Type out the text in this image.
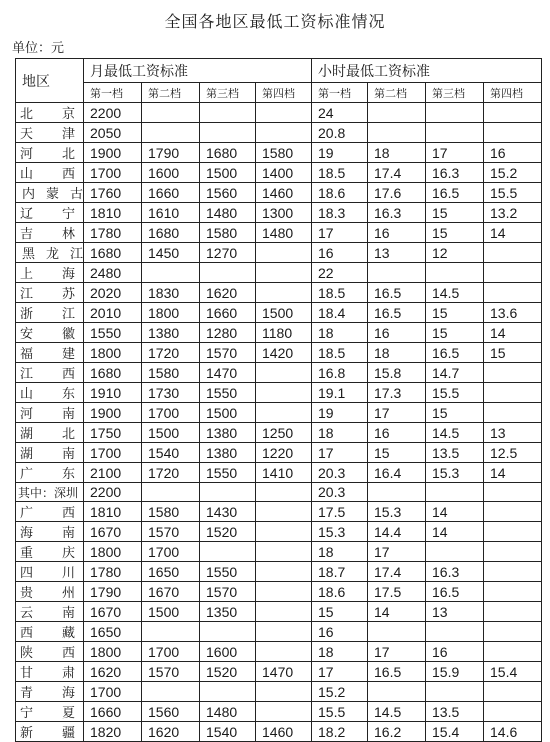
全国各地区最低工资标准情况
单位：元
地区	月最低工资标准				小时最低工资标准			
	第一档	第二档	第三档	第四档	第一档	第二档	第三档	第四档
北京	2200				24			
天津	2050				20.8			
河北	1900	1790	1680	1580	19	18	17	16
山西	1700	1600	1500	1400	18.5	17.4	16.3	15.2
内蒙古	1760	1660	1560	1460	18.6	17.6	16.5	15.5
辽宁	1810	1610	1480	1300	18.3	16.3	15	13.2
吉林	1780	1680	1580	1480	17	16	15	14
黑龙江	1680	1450	1270		16	13	12	
上海	2480				22			
江苏	2020	1830	1620		18.5	16.5	14.5	
浙江	2010	1800	1660	1500	18.4	16.5	15	13.6
安徽	1550	1380	1280	1180	18	16	15	14
福建	1800	1720	1570	1420	18.5	18	16.5	15
江西	1680	1580	1470		16.8	15.8	14.7	
山东	1910	1730	1550		19.1	17.3	15.5	
河南	1900	1700	1500		19	17	15	
湖北	1750	1500	1380	1250	18	16	14.5	13
湖南	1700	1540	1380	1220	17	15	13.5	12.5
广东	2100	1720	1550	1410	20.3	16.4	15.3	14
其中：深圳	2200				20.3			
广西	1810	1580	1430		17.5	15.3	14	
海南	1670	1570	1520		15.3	14.4	14	
重庆	1800	1700			18	17		
四川	1780	1650	1550		18.7	17.4	16.3	
贵州	1790	1670	1570		18.6	17.5	16.5	
云南	1670	1500	1350		15	14	13	
西藏	1650				16			
陕西	1800	1700	1600		18	17	16	
甘肃	1620	1570	1520	1470	17	16.5	15.9	15.4
青海	1700				15.2			
宁夏	1660	1560	1480		15.5	14.5	13.5	
新疆	1820	1620	1540	1460	18.2	16.2	15.4	14.6
